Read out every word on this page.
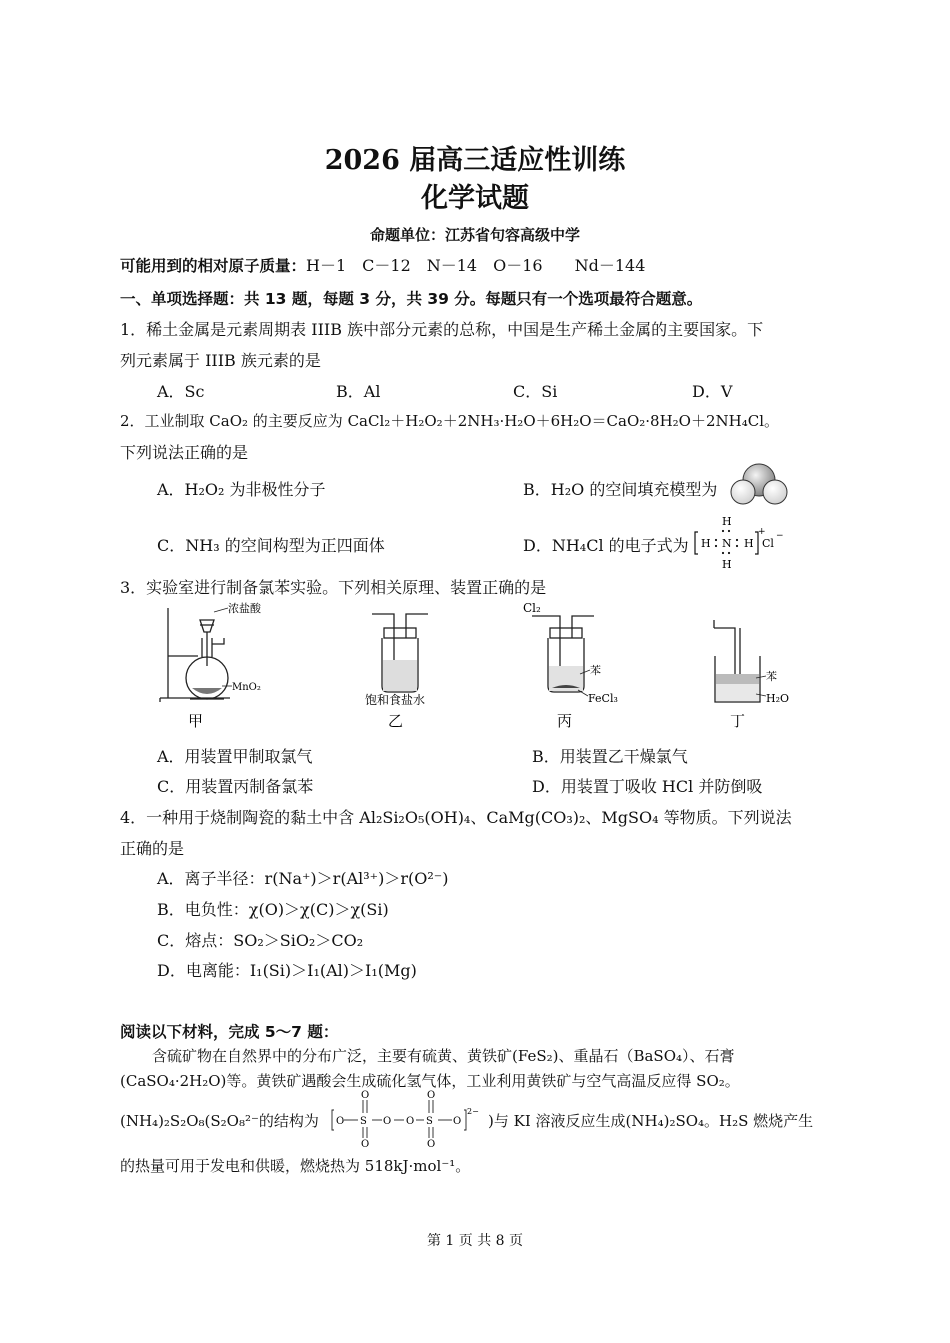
2026 届高三适应性训练
化学试题
命题单位：江苏省句容高级中学
可能用到的相对原子质量：H－1　C－12　N－14　O－16　　Nd－144
一、单项选择题：共 13 题，每题 3 分，共 39 分。每题只有一个选项最符合题意。
1．稀土金属是元素周期表 IIIB 族中部分元素的总称，中国是生产稀土金属的主要国家。下
列元素属于 IIIB 族元素的是
A．Sc	B．Al	C．Si	D．V
2．工业制取 CaO₂ 的主要反应为 CaCl₂＋H₂O₂＋2NH₃·H₂O＋6H₂O＝CaO₂·8H₂O＋2NH₄Cl。
下列说法正确的是
A．H₂O₂ 为非极性分子	B．H₂O 的空间填充模型为
C．NH₃ 的空间构型为正四面体	D．NH₄Cl 的电子式为
H
H N H
H
+
Cl
−
3．实验室进行制备氯苯实验。下列相关原理、装置正确的是
浓盐酸
MnO₂
甲
饱和食盐水
乙
Cl₂
苯
FeCl₃
丙
苯
H₂O
丁
A．用装置甲制取氯气	B．用装置乙干燥氯气
C．用装置丙制备氯苯	D．用装置丁吸收 HCl 并防倒吸
4．一种用于烧制陶瓷的黏土中含 Al₂Si₂O₅(OH)₄、CaMg(CO₃)₂、MgSO₄ 等物质。下列说法
正确的是
A．离子半径：r(Na⁺)＞r(Al³⁺)＞r(O²⁻)
B．电负性：χ(O)＞χ(C)＞χ(Si)
C．熔点：SO₂＞SiO₂＞CO₂
D．电离能：I₁(Si)＞I₁(Al)＞I₁(Mg)
阅读以下材料，完成 5～7 题：
含硫矿物在自然界中的分布广泛，主要有硫黄、黄铁矿(FeS₂)、重晶石（BaSO₄）、石膏
(CaSO₄·2H₂O)等。黄铁矿遇酸会生成硫化氢气体，工业利用黄铁矿与空气高温反应得 SO₂。
(NH₄)₂S₂O₈(S₂O₈²⁻的结构为 O S O O S O
O
O
O
O
2−
)与 KI 溶液反应生成(NH₄)₂SO₄。H₂S 燃烧产生
的热量可用于发电和供暖，燃烧热为 518kJ·mol⁻¹。
第 1 页 共 8 页
